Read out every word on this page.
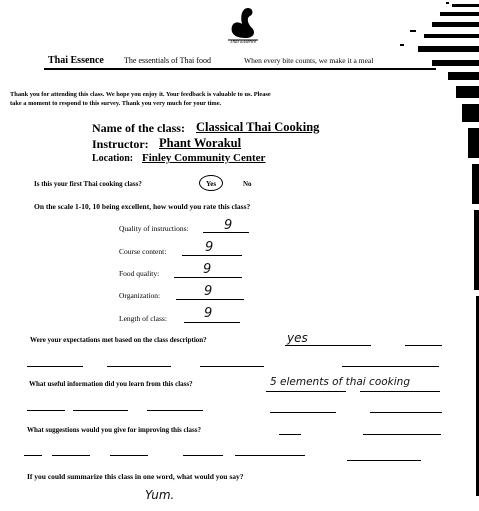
Thai Essence
Thai Essence	The essentials of Thai food	When every bite counts, we make it a meal
Thank you for attending this class. We hope you enjoy it. Your feedback is valuable to us. Please
take a moment to respond to this survey. Thank you very much for your time.
Name of the class: Classical Thai Cooking
Instructor: Phant Worakul
Location: Finley Community Center
Is this your first Thai cooking class?	Yes	No
On the scale 1-10, 10 being excellent, how would you rate this class?
Quality of instructions:	9
Course content:	9
Food quality:	9
Organization:	9
Length of class:	9
Were your expectations met based on the class description?	yes
What useful information did you learn from this class?	5 elements of thai cooking
What suggestions would you give for improving this class?
If you could summarize this class in one word, what would you say?
Yum.
